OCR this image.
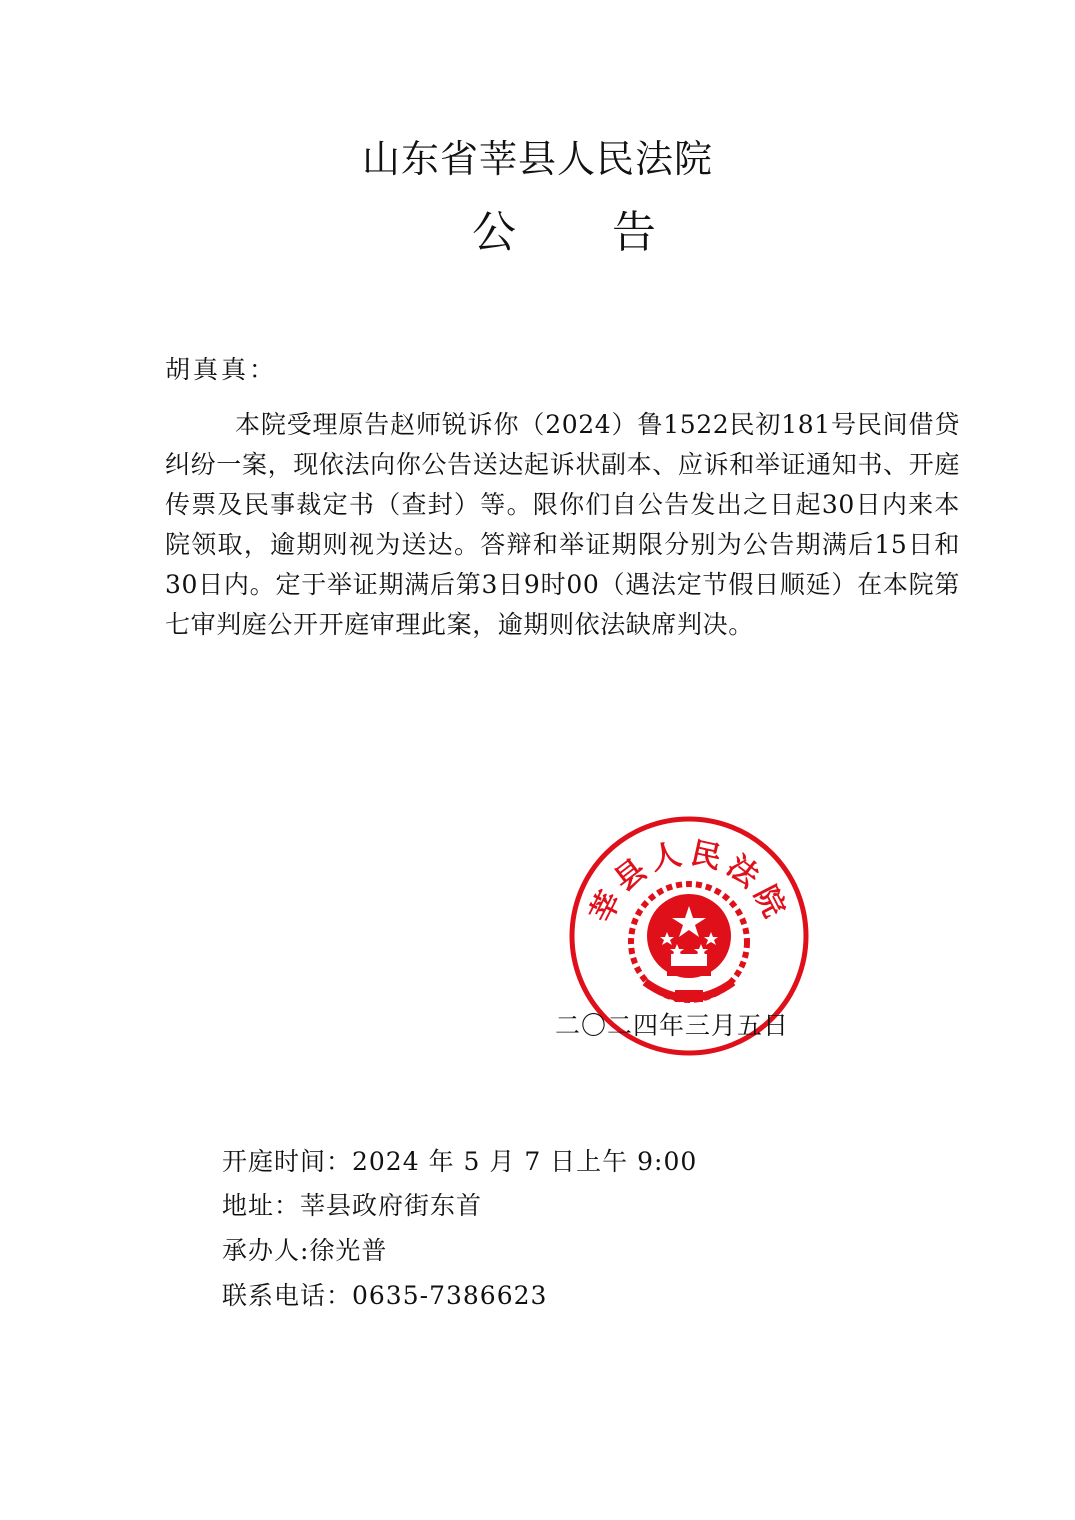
山东省莘县人民法院
公 告
胡真真：

本院受理原告赵师锐诉你（2024）鲁1522民初181号民间借贷纠纷一案，现依法向你公告送达起诉状副本、应诉和举证通知书、开庭传票及民事裁定书（查封）等。限你们自公告发出之日起30日内来本院领取，逾期则视为送达。答辩和举证期限分别为公告期满后15日和30日内。定于举证期满后第3日9时00（遇法定节假日顺延）在本院第七审判庭公开开庭审理此案，逾期则依法缺席判决。

莘县人民法院
二〇二四年三月五日
开庭时间：2024 年 5 月 7 日上午 9:00
地址：莘县政府街东首
承办人:徐光普
联系电话：0635-7386623
